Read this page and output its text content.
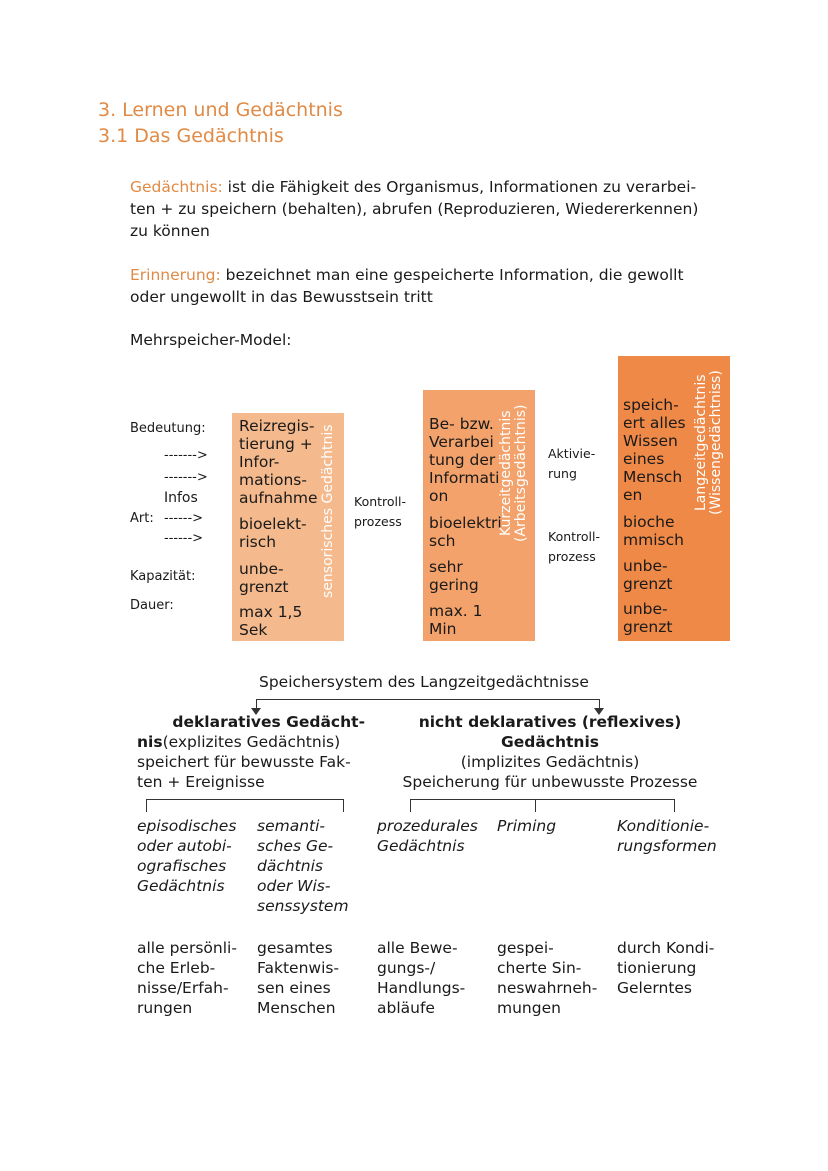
3. Lernen und Gedächtnis
3.1 Das Gedächtnis
Gedächtnis: ist die Fähigkeit des Organismus, Informationen zu verarbei-
ten + zu speichern (behalten), abrufen (Reproduzieren, Wiedererkennen)
zu können
Erinnerung: bezeichnet man eine gespeicherte Information, die gewollt
oder ungewollt in das Bewusstsein tritt
Mehrspeicher-Model:
Bedeutung:
------->
------->
Infos
Art: ------>
------>
Kapazität:
Dauer:
Reizregis-
tierung +
Infor-
mations-
aufnahme
bioelekt-
risch
unbe-
grenzt
max 1,5
Sek
sensorisches Gedächtnis Kontroll-
prozess
Be- bzw.
Verarbei
tung der
Informati
on
bioelektri
sch
sehr
gering
max. 1
Min
Kurzeitgedächtnis (Arbeitsgedächtnis) Aktivie-
rung
Kontroll-
prozess
speich-
ert alles
Wissen
eines
Mensch
en
bioche
mmisch
unbe-
grenzt
unbe-
grenzt
Langzeitgedächtnis (Wissengedächtniss)
Speichersystem des Langzeitgedächtnisse
deklaratives Gedächt-
nis(explizites Gedächtnis)
speichert für bewusste Fak-
ten + Ereignisse
nicht deklaratives (reflexives) Gedächtnis
(implizites Gedächtnis)
Speicherung für unbewusste Prozesse
episodisches
oder autobi-
ografisches
Gedächtnis
semanti-
sches Ge-
dächtnis
oder Wis-
senssystem
prozedurales
Gedächtnis
Priming	Konditionie-
rungsformen
alle persönli-
che Erleb-
nisse/Erfah-
rungen
gesamtes
Faktenwis-
sen eines
Menschen
alle Bewe-
gungs-/
Handlungs-
abläufe
gespei-
cherte Sin-
neswahrneh-
mungen
durch Kondi-
tionierung
Gelerntes
